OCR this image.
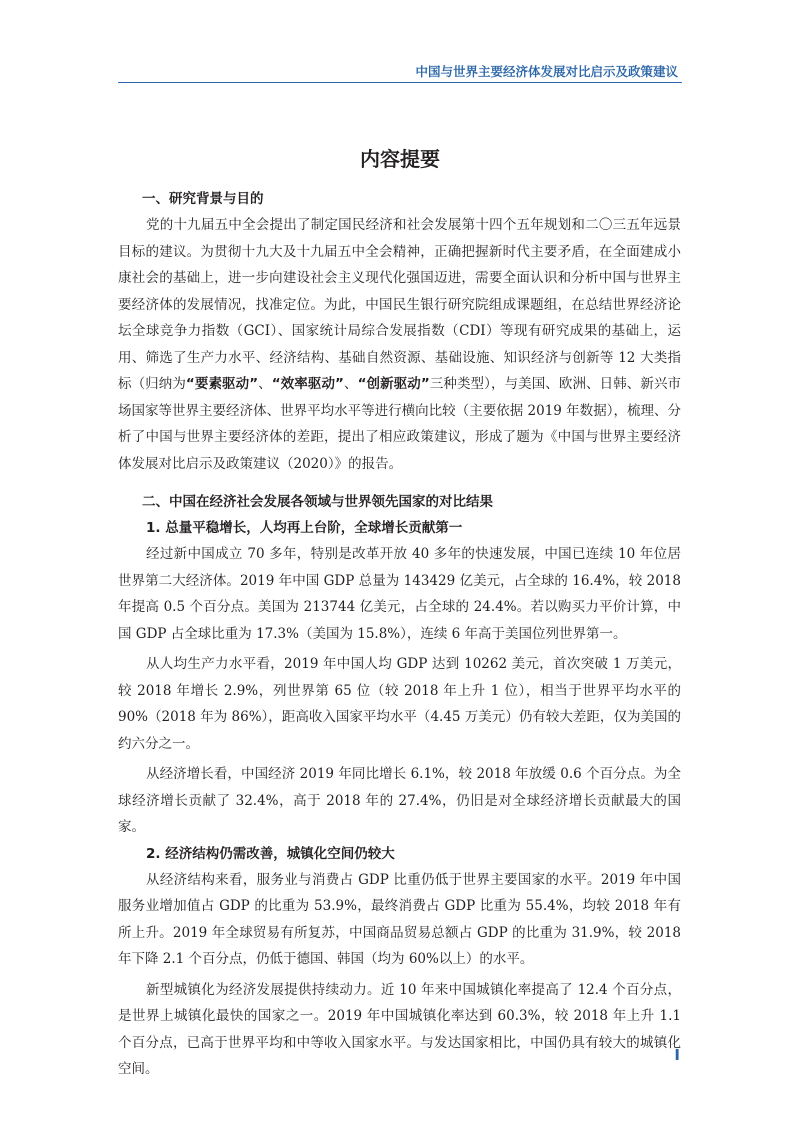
中国与世界主要经济体发展对比启示及政策建议
内容提要
一、研究背景与目的

党的十九届五中全会提出了制定国民经济和社会发展第十四个五年规划和二〇三五年远景目标的建议。为贯彻十九大及十九届五中全会精神，正确把握新时代主要矛盾，在全面建成小康社会的基础上，进一步向建设社会主义现代化强国迈进，需要全面认识和分析中国与世界主要经济体的发展情况，找准定位。为此，中国民生银行研究院组成课题组，在总结世界经济论坛全球竞争力指数（GCI）、国家统计局综合发展指数（CDI）等现有研究成果的基础上，运用、筛选了生产力水平、经济结构、基础自然资源、基础设施、知识经济与创新等 12 大类指标（归纳为“要素驱动”、“效率驱动”、“创新驱动”三种类型），与美国、欧洲、日韩、新兴市场国家等世界主要经济体、世界平均水平等进行横向比较（主要依据 2019 年数据），梳理、分析了中国与世界主要经济体的差距，提出了相应政策建议，形成了题为《中国与世界主要经济体发展对比启示及政策建议（2020）》的报告。

二、中国在经济社会发展各领域与世界领先国家的对比结果
1. 总量平稳增长，人均再上台阶，全球增长贡献第一

经过新中国成立 70 多年，特别是改革开放 40 多年的快速发展，中国已连续 10 年位居世界第二大经济体。2019 年中国 GDP 总量为 143429 亿美元，占全球的 16.4%，较 2018 年提高 0.5 个百分点。美国为 213744 亿美元，占全球的 24.4%。若以购买力平价计算，中国 GDP 占全球比重为 17.3%（美国为 15.8%），连续 6 年高于美国位列世界第一。

从人均生产力水平看，2019 年中国人均 GDP 达到 10262 美元，首次突破 1 万美元，较 2018 年增长 2.9%，列世界第 65 位（较 2018 年上升 1 位），相当于世界平均水平的 90%（2018 年为 86%），距高收入国家平均水平（4.45 万美元）仍有较大差距，仅为美国的约六分之一。

从经济增长看，中国经济 2019 年同比增长 6.1%，较 2018 年放缓 0.6 个百分点。为全球经济增长贡献了 32.4%，高于 2018 年的 27.4%，仍旧是对全球经济增长贡献最大的国家。

2. 经济结构仍需改善，城镇化空间仍较大

从经济结构来看，服务业与消费占 GDP 比重仍低于世界主要国家的水平。2019 年中国服务业增加值占 GDP 的比重为 53.9%，最终消费占 GDP 比重为 55.4%，均较 2018 年有所上升。2019 年全球贸易有所复苏，中国商品贸易总额占 GDP 的比重为 31.9%，较 2018 年下降 2.1 个百分点，仍低于德国、韩国（均为 60%以上）的水平。

新型城镇化为经济发展提供持续动力。近 10 年来中国城镇化率提高了 12.4 个百分点，是世界上城镇化最快的国家之一。2019 年中国城镇化率达到 60.3%，较 2018 年上升 1.1 个百分点，已高于世界平均和中等收入国家水平。与发达国家相比，中国仍具有较大的城镇化空间。

I
